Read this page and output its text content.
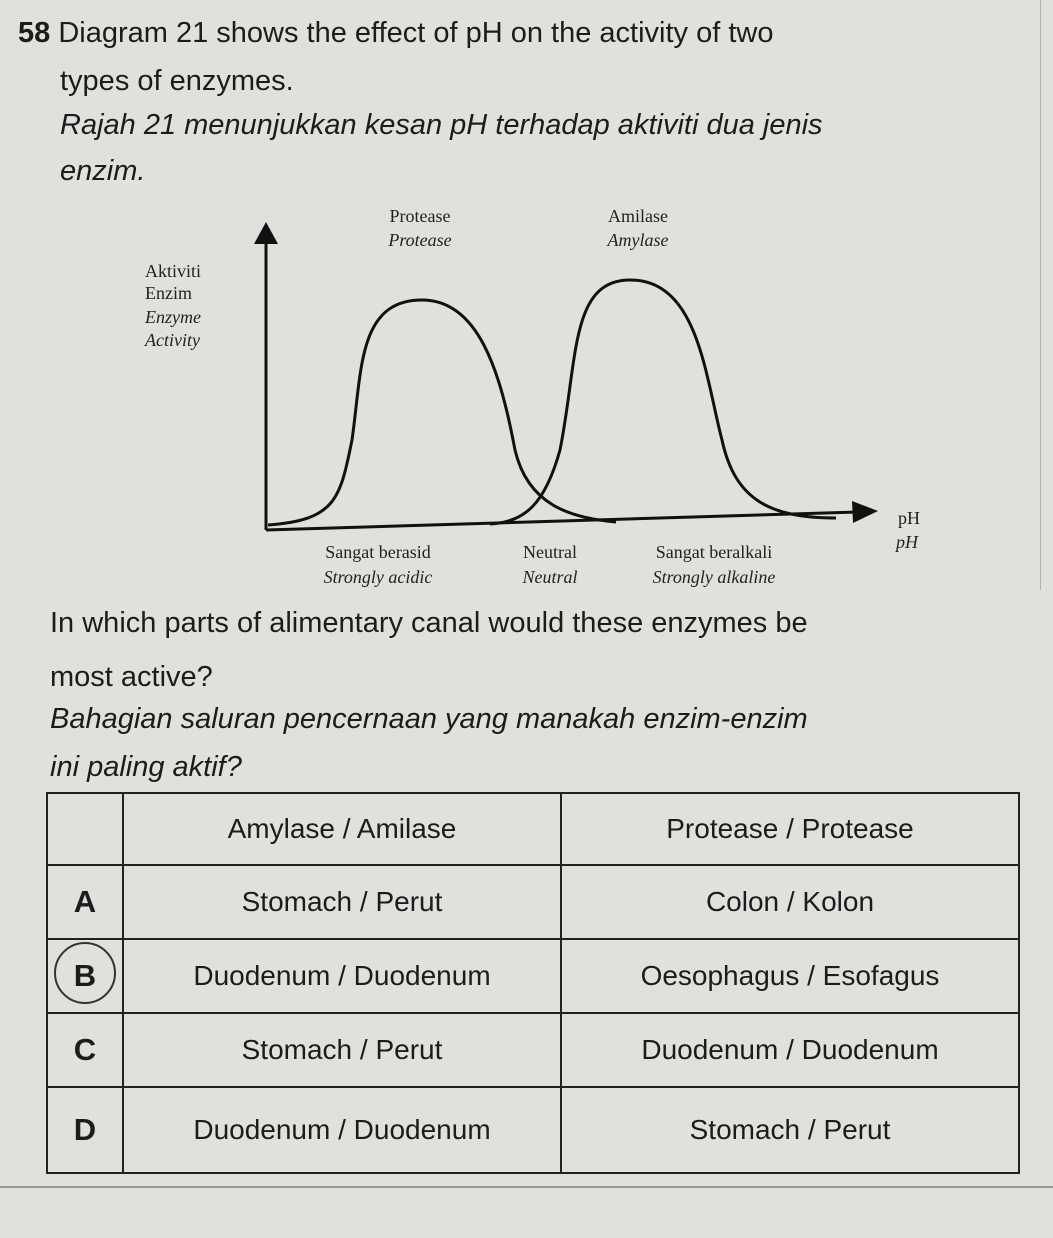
58 Diagram 21 shows the effect of pH on the activity of two
types of enzymes.
Rajah 21 menunjukkan kesan pH terhadap aktiviti dua jenis
enzim.
Aktiviti
Enzim
Enzyme
Activity
Protease
Protease
Amilase
Amylase
pH
pH
Sangat berasid
Strongly acidic
Neutral
Neutral
Sangat beralkali
Strongly alkaline
In which parts of alimentary canal would these enzymes be
most active?
Bahagian saluran pencernaan yang manakah enzim-enzim
ini paling aktif?
	Amylase / Amilase	Protease / Protease
A	Stomach / Perut	Colon / Kolon

B	Duodenum / Duodenum	Oesophagus / Esofagus
C	Stomach / Perut	Duodenum / Duodenum
D	Duodenum / Duodenum	Stomach / Perut
